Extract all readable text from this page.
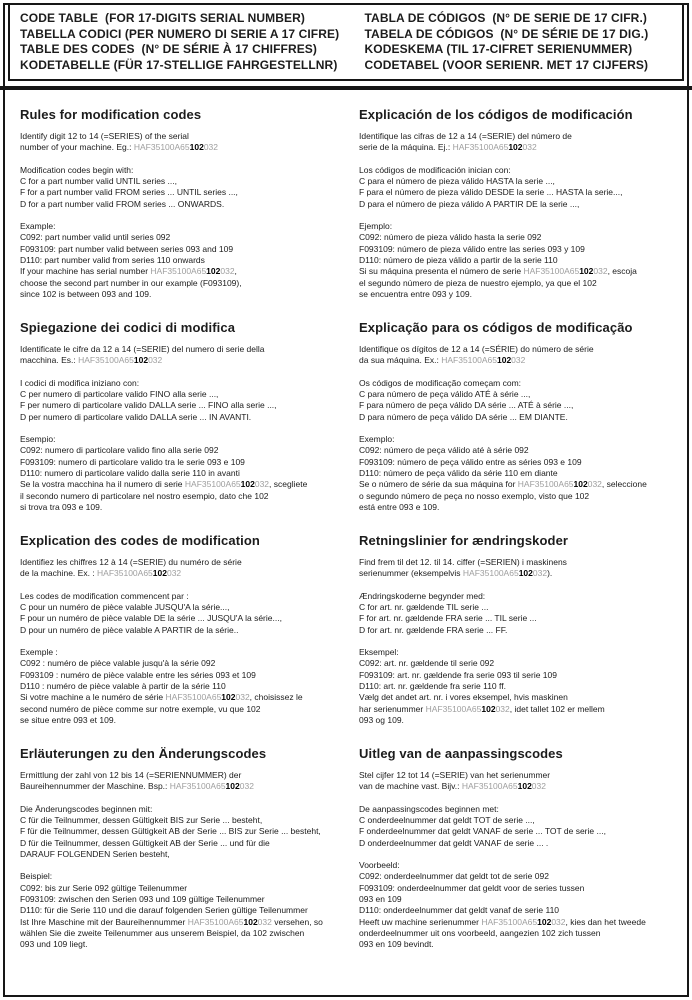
CODE TABLE  (FOR 17-DIGITS SERIAL NUMBER)
TABELLA CODICI (PER NUMERO DI SERIE A 17 CIFRE)
TABLE DES CODES  (N° DE SÉRIE À 17 CHIFFRES)
KODETABELLE (FÜR 17-STELLIGE FAHRGESTELLNR)
TABLA DE CÓDIGOS  (N° DE SERIE DE 17 CIFR.)
TABELA DE CÓDIGOS  (N° DE SÉRIE DE 17 DIG.)
KODESKEMA (TIL 17-CIFRET SERIENUMMER)
CODETABEL (VOOR SERIENR. MET 17 CIJFERS)
Rules for modification codes
Identify digit 12 to 14 (=SERIES) of the serial
number of your machine. Eg.: HAF35100A65102032
Modification codes begin with:
C for a part number valid UNTIL series ...,
F for a part number valid FROM series ... UNTIL series ...,
D for a part number valid FROM series ... ONWARDS.
Example:
C092: part number valid until series 092
F093109: part number valid between series 093 and 109
D110: part number valid from series 110 onwards
If your machine has serial number HAF35100A65102032,
choose the second part number in our example (F093109),
since 102 is between 093 and 109.
Explicación de los códigos de modificación
Identifique las cifras de 12 a 14 (=SERIE) del número de
serie de la máquina. Ej.: HAF35100A65102032
Los códigos de modificación inician con:
C para el número de pieza válido HASTA la serie ...,
F para el número de pieza válido DESDE la serie ... HASTA la serie...,
D para el número de pieza válido A PARTIR DE la serie ...,
Ejemplo:
C092: número de pieza válido hasta la serie 092
F093109: número de pieza válido entre las series 093 y 109
D110: número de pieza válido a partir de la serie 110
Si su máquina presenta el número de serie HAF35100A65102032, escoja
el segundo número de pieza de nuestro ejemplo, ya que el 102
se encuentra entre 093 y 109.
Spiegazione dei codici di modifica
Identificate le cifre da 12 a 14 (=SERIE) del numero di serie della
macchina. Es.: HAF35100A65102032
I codici di modifica iniziano con:
C per numero di particolare valido FINO alla serie ...,
F per numero di particolare valido DALLA serie ... FINO alla serie ...,
D per numero di particolare valido DALLA serie ... IN AVANTI.
Esempio:
C092: numero di particolare valido fino alla serie 092
F093109: numero di particolare valido tra le serie 093 e 109
D110: numero di particolare valido dalla serie 110 in avanti
Se la vostra macchina ha il numero di serie HAF35100A65102032, scegliete
il secondo numero di particolare nel nostro esempio, dato che 102
si trova tra 093 e 109.
Explicação para os códigos de modificação
Identifique os dígitos de 12 a 14 (=SÉRIE) do número de série
da sua máquina. Ex.: HAF35100A65102032
Os códigos de modificação começam com:
C para número de peça válido ATÉ à série ...,
F para número de peça válido DA série ... ATÉ à série ...,
D para número de peça válido DA série ... EM DIANTE.
Exemplo:
C092: número de peça válido até à série 092
F093109: número de peça válido entre as séries 093 e 109
D110: número de peça válido da série 110 em diante
Se o número de série da sua máquina for HAF35100A65102032, seleccione
o segundo número de peça no nosso exemplo, visto que 102
está entre 093 e 109.
Explication des codes de modification
Identifiez les chiffres 12 à 14 (=SERIE) du numéro de série
de la machine. Ex. : HAF35100A65102032
Les codes de modification commencent par :
C pour un numéro de pièce valable JUSQU'A la série...,
F pour un numéro de pièce valable DE la série ... JUSQU'A la série...,
D pour un numéro de pièce valable A PARTIR de la série..
Exemple :
C092 : numéro de pièce valable jusqu'à la série 092
F093109 : numéro de pièce valable entre les séries 093 et 109
D110 : numéro de pièce valable à partir de la série 110
Si votre machine a le numéro de série HAF35100A65102032, choisissez le
second numéro de pièce comme sur notre exemple, vu que 102
se situe entre 093 et 109.
Retningslinier for ændringskoder
Find frem til det 12. til 14. ciffer (=SERIEN) i maskinens
serienummer (eksempelvis HAF35100A65102032).
Ændringskoderne begynder med:
C for art. nr. gældende TIL serie ...
F for art. nr. gældende FRA serie ... TIL serie ...
D for art. nr. gældende FRA serie ... FF.
Eksempel:
C092: art. nr. gældende til serie 092
F093109: art. nr. gældende fra serie 093 til serie 109
D110: art. nr. gældende fra serie 110 ff.
Vælg det andet art. nr. i vores eksempel, hvis maskinen
har serienummer HAF35100A65102032, idet tallet 102 er mellem
093 og 109.
Erläuterungen zu den Änderungscodes
Ermittlung der zahl von 12 bis 14 (=SERIENNUMMER) der
Baureihennummer der Maschine. Bsp.: HAF35100A65102032
Die Änderungscodes beginnen mit:
C für die Teilnummer, dessen Gültigkeit BIS zur Serie ... besteht,
F für die Teilnummer, dessen Gültigkeit AB der Serie ... BIS zur Serie ... besteht,
D für die Teilnummer, dessen Gültigkeit AB der Serie ... und für die
DARAUF FOLGENDEN Serien besteht,
Beispiel:
C092: bis zur Serie 092 gültige Teilenummer
F093109: zwischen den Serien 093 und 109 gültige Teilenummer
D110: für die Serie 110 und die darauf folgenden Serien gültige Teilenummer
Ist Ihre Maschine mit der Baureihennummer HAF35100A65102032 versehen, so
wählen Sie die zweite Teilenummer aus unserem Beispiel, da 102 zwischen
093 und 109 liegt.
Uitleg van de aanpassingscodes
Stel cijfer 12 tot 14 (=SERIE) van het serienummer
van de machine vast. Bijv.: HAF35100A65102032
De aanpassingscodes beginnen met:
C onderdeelnummer dat geldt TOT de serie ...,
F onderdeelnummer dat geldt VANAF de serie ... TOT de serie ...,
D onderdeelnummer dat geldt VANAF de serie ... .
Voorbeeld:
C092: onderdeelnummer dat geldt tot de serie 092
F093109: onderdeelnummer dat geldt voor de series tussen
093 en 109
D110: onderdeelnummer dat geldt vanaf de serie 110
Heeft uw machine serienummer HAF35100A65102032, kies dan het tweede
onderdeelnummer uit ons voorbeeld, aangezien 102 zich tussen
093 en 109 bevindt.
